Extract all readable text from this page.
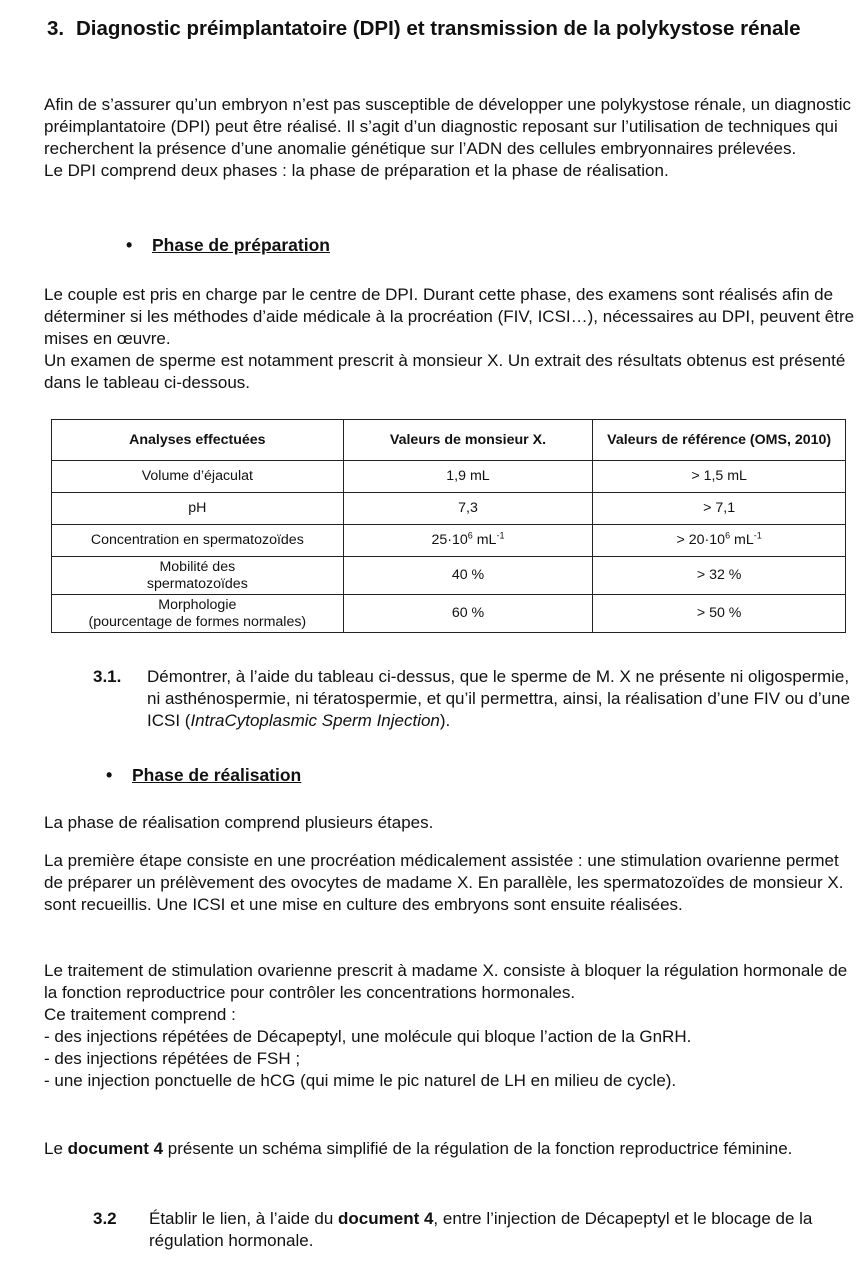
3. Diagnostic préimplantatoire (DPI) et transmission de la polykystose rénale

Afin de s’assurer qu’un embryon n’est pas susceptible de développer une polykystose rénale, un diagnostic préimplantatoire (DPI) peut être réalisé. Il s’agit d’un diagnostic reposant sur l’utilisation de techniques qui recherchent la présence d’une anomalie génétique sur l’ADN des cellules embryonnaires prélevées.

Le DPI comprend deux phases : la phase de préparation et la phase de réalisation.

• Phase de préparation

Le couple est pris en charge par le centre de DPI. Durant cette phase, des examens sont réalisés afin de déterminer si les méthodes d’aide médicale à la procréation (FIV, ICSI…), nécessaires au DPI, peuvent être mises en œuvre.

Un examen de sperme est notamment prescrit à monsieur X. Un extrait des résultats obtenus est présenté dans le tableau ci-dessous.

Analyses effectuées	Valeurs de monsieur X.	Valeurs de référence (OMS, 2010)
Volume d’éjaculat	1,9 mL	> 1,5 mL
pH	7,3	> 7,1
Concentration en spermatozoïdes	$25\cdot 10^6$ $mL^{-1}$	> $20\cdot 10^6$ $mL^{-1}$
Mobilité des
spermatozoïdes	40 %	> 32 %
Morphologie
(pourcentage de formes normales)	60 %	> 50 %
3.1.	Démontrer, à l’aide du tableau ci-dessus, que le sperme de M. X ne présente ni oligospermie, ni asthénospermie, ni tératospermie, et qu’il permettra, ainsi, la réalisation d’une FIV ou d’une ICSI (IntraCytoplasmic Sperm Injection).
• Phase de réalisation

La phase de réalisation comprend plusieurs étapes.

La première étape consiste en une procréation médicalement assistée : une stimulation ovarienne permet de préparer un prélèvement des ovocytes de madame X. En parallèle, les spermatozoïdes de monsieur X. sont recueillis. Une ICSI et une mise en culture des embryons sont ensuite réalisées.

Le traitement de stimulation ovarienne prescrit à madame X. consiste à bloquer la régulation hormonale de la fonction reproductrice pour contrôler les concentrations hormonales.

Ce traitement comprend :

- des injections répétées de Décapeptyl, une molécule qui bloque l’action de la GnRH.

- des injections répétées de FSH ;

- une injection ponctuelle de hCG (qui mime le pic naturel de LH en milieu de cycle).

Le document 4 présente un schéma simplifié de la régulation de la fonction reproductrice féminine.

3.2	Établir le lien, à l’aide du document 4, entre l’injection de Décapeptyl et le blocage de la régulation hormonale.
